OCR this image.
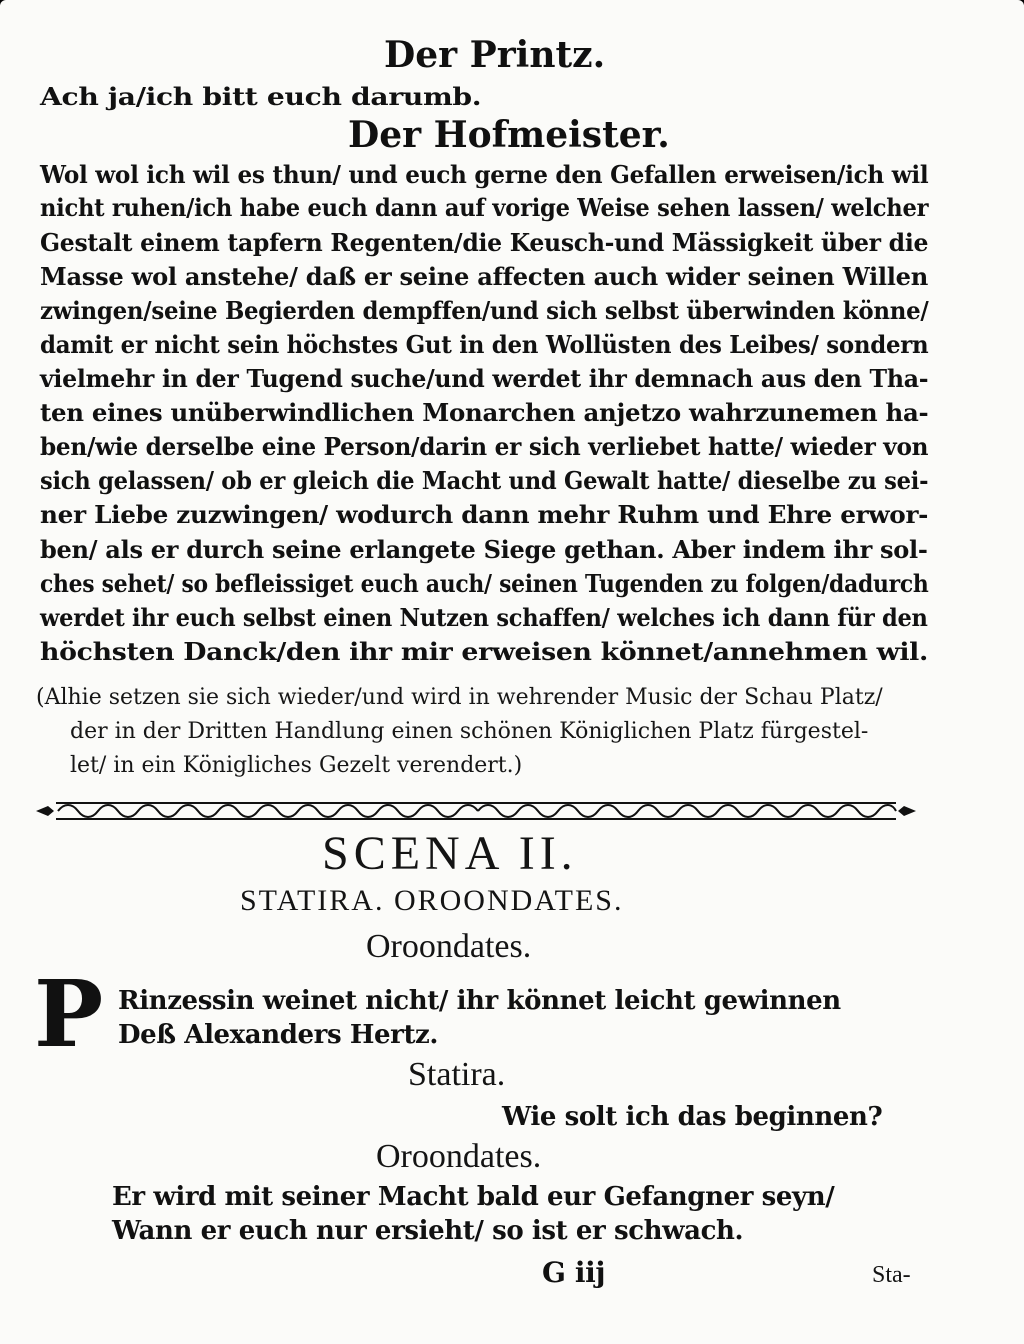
Der Printz.
Ach ja/ich bitt euch darumb.
Der Hofmeister.
Wol wol ich wil es thun/ und euch gerne den Gefallen erweisen/ich wil
nicht ruhen/ich habe euch dann auf vorige Weise sehen lassen/ welcher
Gestalt einem tapfern Regenten/die Keusch-und Mässigkeit über die
Masse wol anstehe/ daß er seine affecten auch wider seinen Willen
zwingen/seine Begierden dempffen/und sich selbst überwinden könne/
damit er nicht sein höchstes Gut in den Wollüsten des Leibes/ sondern
vielmehr in der Tugend suche/und werdet ihr demnach aus den Tha-
ten eines unüberwindlichen Monarchen anjetzo wahrzunemen ha-
ben/wie derselbe eine Person/darin er sich verliebet hatte/ wieder von
sich gelassen/ ob er gleich die Macht und Gewalt hatte/ dieselbe zu sei-
ner Liebe zuzwingen/ wodurch dann mehr Ruhm und Ehre erwor-
ben/ als er durch seine erlangete Siege gethan. Aber indem ihr sol-
ches sehet/ so befleissiget euch auch/ seinen Tugenden zu folgen/dadurch
werdet ihr euch selbst einen Nutzen schaffen/ welches ich dann für den
höchsten Danck/den ihr mir erweisen könnet/annehmen wil.
(Alhie setzen sie sich wieder/und wird in wehrender Music der Schau Platz/
der in der Dritten Handlung einen schönen Königlichen Platz fürgestel-
let/ in ein Königliches Gezelt verendert.)
SCENA II.
STATIRA. OROONDATES.
Oroondates.
P Rinzessin weinet nicht/ ihr könnet leicht gewinnen
Deß Alexanders Hertz.
Statira.
Wie solt ich das beginnen?
Oroondates.
Er wird mit seiner Macht bald eur Gefangner seyn/
Wann er euch nur ersieht/ so ist er schwach.
G iij	Sta-
